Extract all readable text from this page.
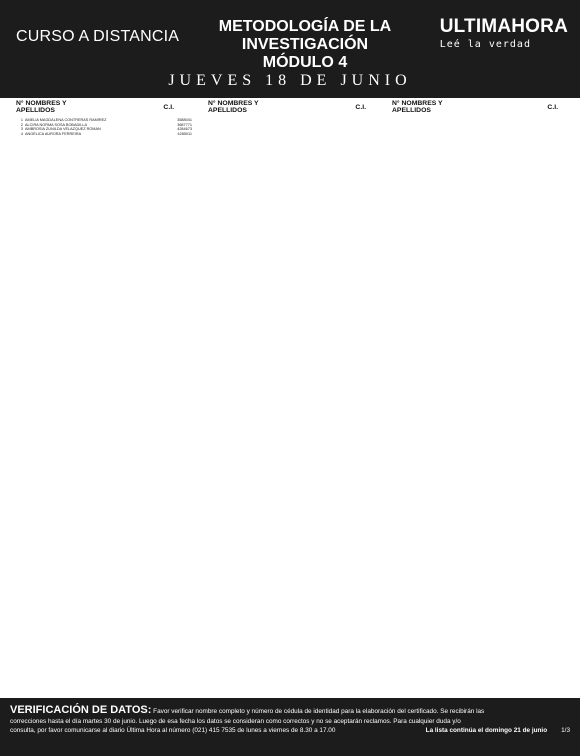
CURSO A DISTANCIA
METODOLOGÍA DE LA INVESTIGACIÓN
MÓDULO 4
ULTIMAHORA
Leé la verdad
JUEVES 18 DE JUNIO
N° NOMBRES Y APELLIDOS	C.I.	N° NOMBRES Y APELLIDOS	C.I.	N° NOMBRES Y APELLIDOS	C.I.
1 AMELIA MAGDALENA CONTRERAS RAMÍREZ	3588041
2 ALCIRA NORMA SOSA BOBADILLA	3687771
3 AMBROSIA ZUNILDA VELAZQUEZ ROMAN	4284673
4 ANGÉLICA AURORA FERREIRA	4285011
VERIFICACIÓN DE DATOS: Favor verificar nombre completo y número de cédula de identidad para la elaboración del certificado. Se recibirán las
correcciones hasta el día martes 30 de junio. Luego de esa fecha los datos se consideran como correctos y no se aceptarán reclamos. Para cualquier duda y/o
consulta, por favor comunicarse al diario Última Hora al número (021) 415 7535 de lunes a viernes de 8.30 a 17.00	1/3
La lista continúa el domingo 21 de junio
